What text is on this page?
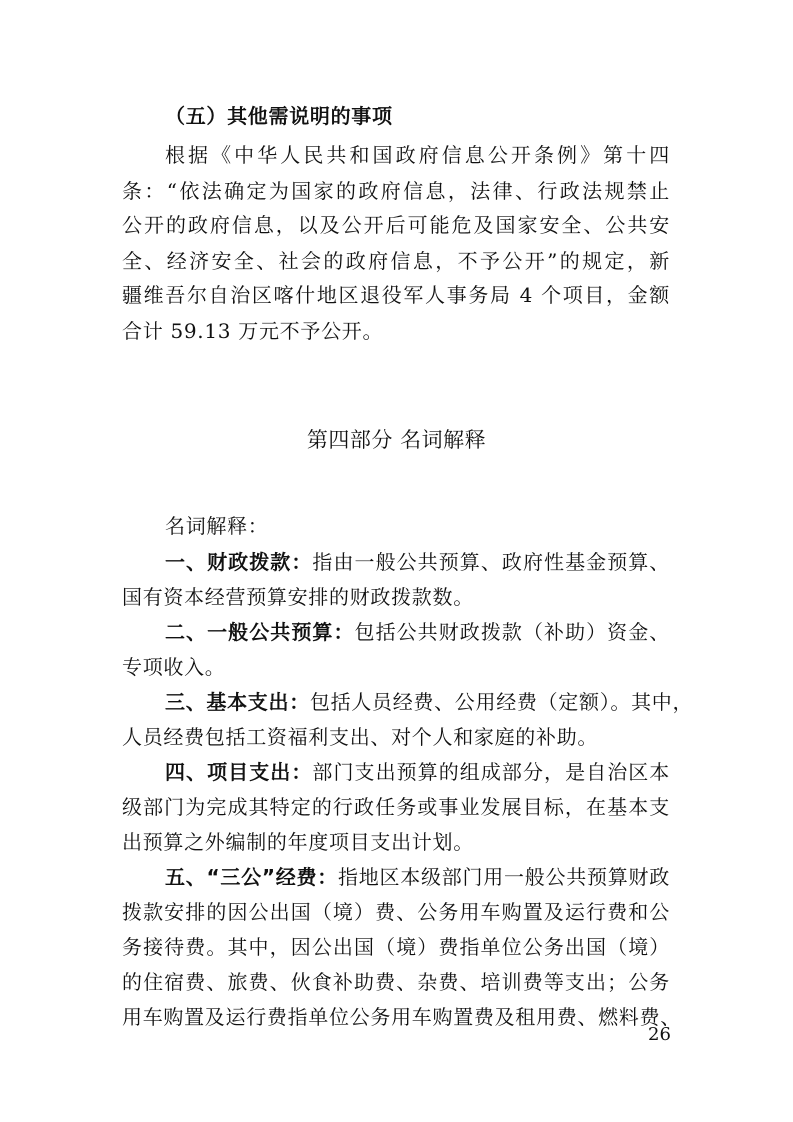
（五）其他需说明的事项
根据《中华人民共和国政府信息公开条例》第十四
条：“依法确定为国家的政府信息，法律、行政法规禁止
公开的政府信息，以及公开后可能危及国家安全、公共安
全、经济安全、社会的政府信息，不予公开”的规定，新
疆维吾尔自治区喀什地区退役军人事务局 4 个项目，金额
合计 59.13 万元不予公开。
第四部分 名词解释
名词解释：
一、财政拨款：指由一般公共预算、政府性基金预算、
国有资本经营预算安排的财政拨款数。
二、一般公共预算：包括公共财政拨款（补助）资金、
专项收入。
三、基本支出：包括人员经费、公用经费（定额）。其中，
人员经费包括工资福利支出、对个人和家庭的补助。
四、项目支出：部门支出预算的组成部分，是自治区本
级部门为完成其特定的行政任务或事业发展目标，在基本支
出预算之外编制的年度项目支出计划。
五、“三公”经费：指地区本级部门用一般公共预算财政
拨款安排的因公出国（境）费、公务用车购置及运行费和公
务接待费。其中，因公出国（境）费指单位公务出国（境）
的住宿费、旅费、伙食补助费、杂费、培训费等支出；公务
用车购置及运行费指单位公务用车购置费及租用费、燃料费、
26
